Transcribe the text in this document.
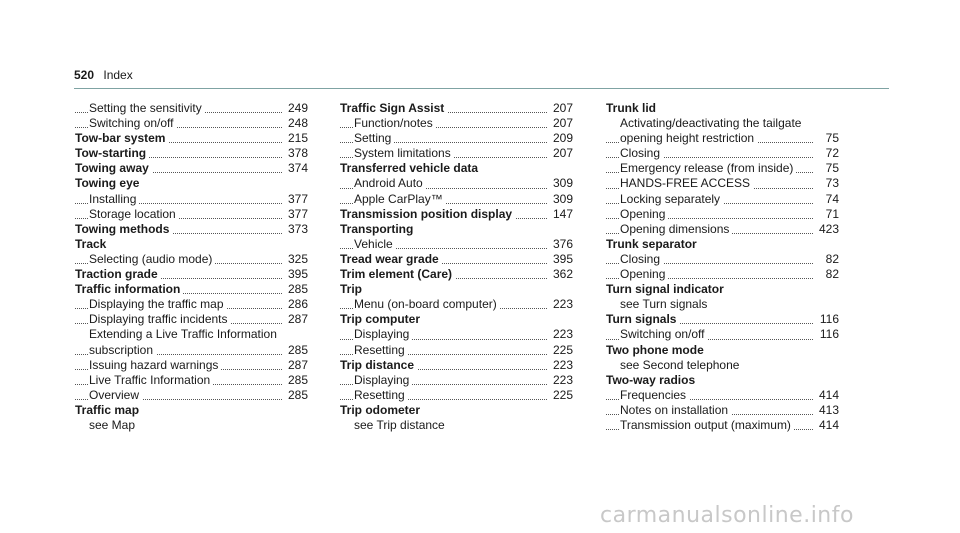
520 Index
Setting the sensitivity	249
Switching on/off	248
Tow-bar system	215
Tow-starting	378
Towing away	374
Towing eye
Installing	377
Storage location	377
Towing methods	373
Track
Selecting (audio mode)	325
Traction grade	395
Traffic information	285
Displaying the traffic map	286
Displaying traffic incidents	287
Extending a Live Traffic Information
subscription	285
Issuing hazard warnings	287
Live Traffic Information	285
Overview	285
Traffic map
see Map
Traffic Sign Assist	207
Function/notes	207
Setting	209
System limitations	207
Transferred vehicle data
Android Auto	309
Apple CarPlay™	309
Transmission position display	147
Transporting
Vehicle	376
Tread wear grade	395
Trim element (Care)	362
Trip
Menu (on-board computer)	223
Trip computer
Displaying	223
Resetting	225
Trip distance	223
Displaying	223
Resetting	225
Trip odometer
see Trip distance
Trunk lid
Activating/deactivating the tailgate
opening height restriction	75
Closing	72
Emergency release (from inside)	75
HANDS-FREE ACCESS	73
Locking separately	74
Opening	71
Opening dimensions	423
Trunk separator
Closing	82
Opening	82
Turn signal indicator
see Turn signals
Turn signals	116
Switching on/off	116
Two phone mode
see Second telephone
Two-way radios
Frequencies	414
Notes on installation	413
Transmission output (maximum) 414
carmanualsonline.info
